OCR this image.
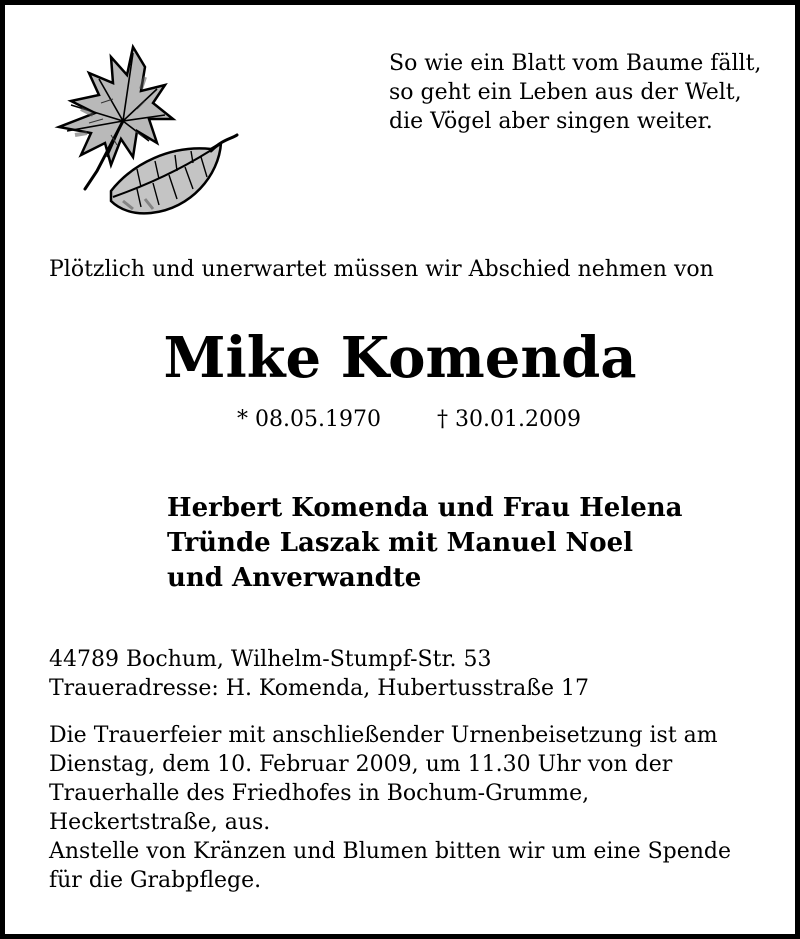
So wie ein Blatt vom Baume fällt,
so geht ein Leben aus der Welt,
die Vögel aber singen weiter.
Plötzlich und unerwartet müssen wir Abschied nehmen von
Mike Komenda
* 08.05.1970	† 30.01.2009
Herbert Komenda und Frau Helena
Tründe Laszak mit Manuel Noel
und Anverwandte
44789 Bochum, Wilhelm-Stumpf-Str. 53
Traueradresse: H. Komenda, Hubertusstraße 17
Die Trauerfeier mit anschließender Urnenbeisetzung ist am
Dienstag, dem 10. Februar 2009, um 11.30 Uhr von der
Trauerhalle des Friedhofes in Bochum-Grumme,
Heckertstraße, aus.
Anstelle von Kränzen und Blumen bitten wir um eine Spende
für die Grabpflege.
